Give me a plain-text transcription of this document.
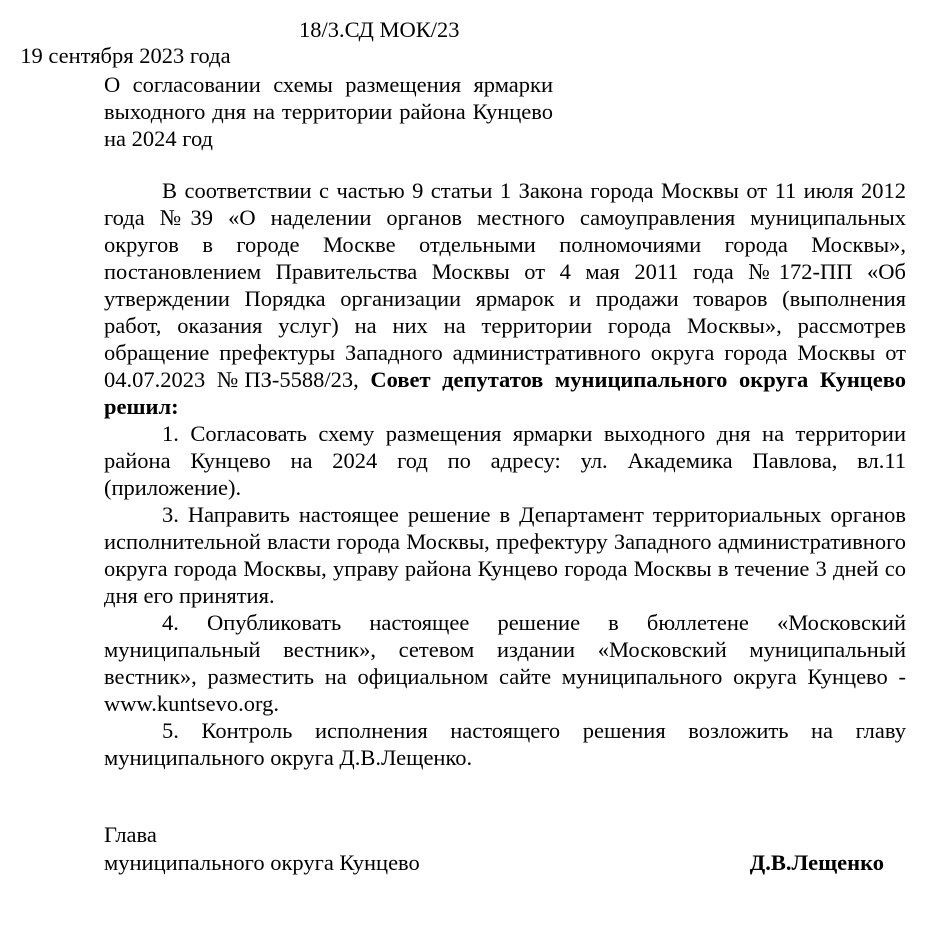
19 сентября 2023 года

18/3.СД МОК/23

О согласовании схемы размещения ярмарки выходного дня на территории района Кунцево на 2024 год

В соответствии с частью 9 статьи 1 Закона города Москвы от 11 июля 2012 года №39 «О наделении органов местного самоуправления муниципальных округов в городе Москве отдельными полномочиями города Москвы», постановлением Правительства Москвы от 4 мая 2011 года №172-ПП «Об утверждении Порядка организации ярмарок и продажи товаров (выполнения работ, оказания услуг) на них на территории города Москвы», рассмотрев обращение префектуры Западного административного округа города Москвы от 04.07.2023 №ПЗ-5588/23, Совет депутатов муниципального округа Кунцево решил:

1. Согласовать схему размещения ярмарки выходного дня на территории района Кунцево на 2024 год по адресу: ул. Академика Павлова, вл.11 (приложение).

3. Направить настоящее решение в Департамент территориальных органов исполнительной власти города Москвы, префектуру Западного административного округа города Москвы, управу района Кунцево города Москвы в течение 3 дней со дня его принятия.

4. Опубликовать настоящее решение в бюллетене «Московский муниципальный вестник», сетевом издании «Московский муниципальный вестник», разместить на официальном сайте муниципального округа Кунцево - www.kuntsevo.org.

5. Контроль исполнения настоящего решения возложить на главу муниципального округа Д.В.Лещенко.

Глава
муниципального округа Кунцево	Д.В.Лещенко
